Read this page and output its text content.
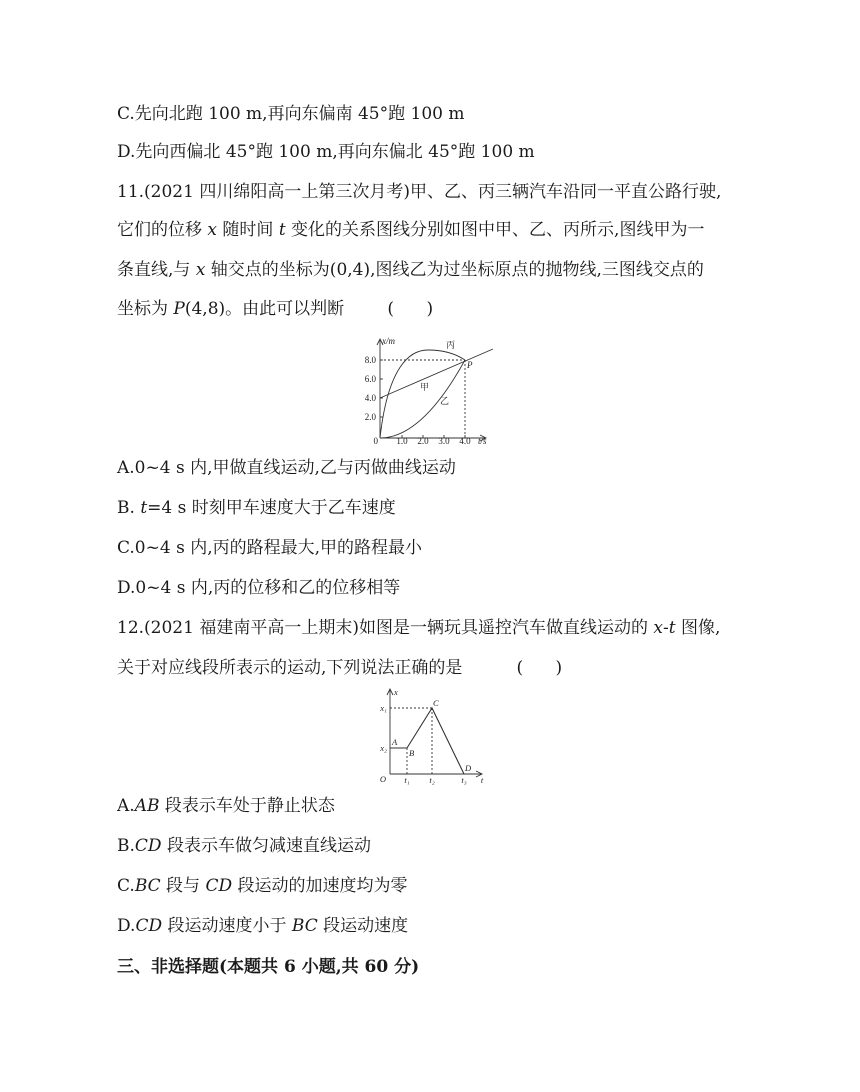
C.先向北跑 100 m,再向东偏南 45°跑 100 m

D.先向西偏北 45°跑 100 m,再向东偏北 45°跑 100 m

11.(2021 四川绵阳高一上第三次月考)甲、乙、丙三辆汽车沿同一平直公路行驶,

它们的位移 x 随时间 t 变化的关系图线分别如图中甲、乙、丙所示,图线甲为一

条直线,与 x 轴交点的坐标为(0,4),图线乙为过坐标原点的抛物线,三图线交点的

坐标为 P(4,8)。由此可以判断        (      )

x/m
t/s
8.0
6.0
4.0
2.0
0 1.0 2.0 3.0 4.0
甲
乙
丙
P

A.0~4 s 内,甲做直线运动,乙与丙做曲线运动

B. t=4 s 时刻甲车速度大于乙车速度

C.0~4 s 内,丙的路程最大,甲的路程最小

D.0~4 s 内,丙的位移和乙的位移相等

12.(2021 福建南平高一上期末)如图是一辆玩具遥控汽车做直线运动的 x-t 图像,

关于对应线段所表示的运动,下列说法正确的是          (      )

x
t
O
x₁
x₂
t₁ t₂	t₃
A
B
C
D

A.AB 段表示车处于静止状态

B.CD 段表示车做匀减速直线运动

C.BC 段与 CD 段运动的加速度均为零

D.CD 段运动速度小于 BC 段运动速度

三、非选择题(本题共 6 小题,共 60 分)
